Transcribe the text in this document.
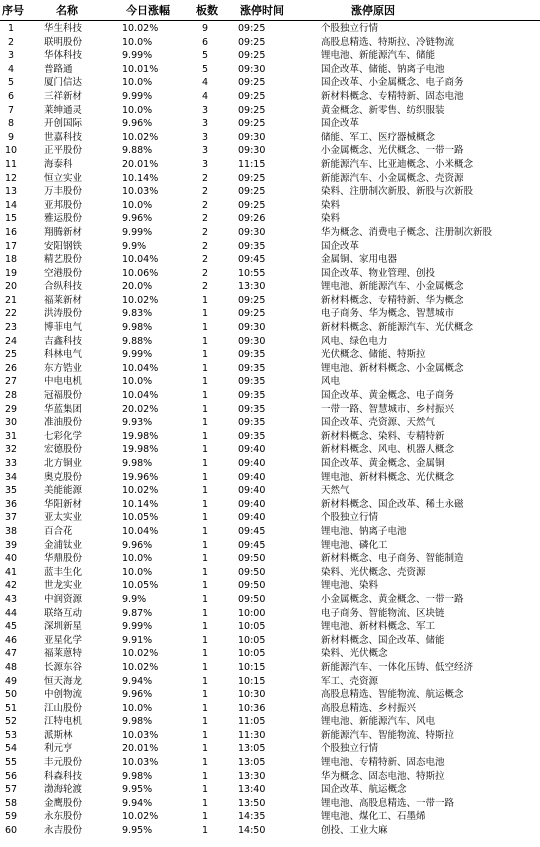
序号	名称	今日涨幅	板数	涨停时间	涨停原因
1	华生科技	10.02%	9	09:25	个股独立行情
2	联明股份	10.0%	6	09:25	高股息精选、特斯拉、冷链物流
3	华体科技	9.99%	5	09:25	锂电池、新能源汽车、储能
4	普路通	10.01%	5	09:30	国企改革、储能、钠离子电池
5	厦门信达	10.0%	4	09:25	国企改革、小金属概念、电子商务
6	三祥新材	9.99%	4	09:25	新材料概念、专精特新、固态电池
7	莱绅通灵	10.0%	3	09:25	黄金概念、新零售、纺织服装
8	开创国际	9.96%	3	09:25	国企改革
9	世嘉科技	10.02%	3	09:30	储能、军工、医疗器械概念
10	正平股份	9.88%	3	09:30	小金属概念、光伏概念、一带一路
11	海泰科	20.01%	3	11:15	新能源汽车、比亚迪概念、小米概念
12	恒立实业	10.14%	2	09:25	新能源汽车、小金属概念、壳资源
13	万丰股份	10.03%	2	09:25	染料、注册制次新股、新股与次新股
14	亚邦股份	10.0%	2	09:25	染料
15	雅运股份	9.96%	2	09:26	染料
16	翔腾新材	9.99%	2	09:30	华为概念、消费电子概念、注册制次新股
17	安阳钢铁	9.9%	2	09:35	国企改革
18	精艺股份	10.04%	2	09:45	金属铜、家用电器
19	空港股份	10.06%	2	10:55	国企改革、物业管理、创投
20	合纵科技	20.0%	2	13:30	锂电池、新能源汽车、小金属概念
21	福莱新材	10.02%	1	09:25	新材料概念、专精特新、华为概念
22	洪涛股份	9.83%	1	09:25	电子商务、华为概念、智慧城市
23	博菲电气	9.98%	1	09:30	新材料概念、新能源汽车、光伏概念
24	吉鑫科技	9.88%	1	09:30	风电、绿色电力
25	科林电气	9.99%	1	09:35	光伏概念、储能、特斯拉
26	东方锆业	10.04%	1	09:35	锂电池、新材料概念、小金属概念
27	中电电机	10.0%	1	09:35	风电
28	冠福股份	10.04%	1	09:35	国企改革、黄金概念、电子商务
29	华蓝集团	20.02%	1	09:35	一带一路、智慧城市、乡村振兴
30	准油股份	9.93%	1	09:35	国企改革、壳资源、天然气
31	七彩化学	19.98%	1	09:35	新材料概念、染料、专精特新
32	宏德股份	19.98%	1	09:40	新材料概念、风电、机器人概念
33	北方铜业	9.98%	1	09:40	国企改革、黄金概念、金属铜
34	奥克股份	19.96%	1	09:40	锂电池、新材料概念、光伏概念
35	美能能源	10.02%	1	09:40	天然气
36	华阳新材	10.14%	1	09:40	新材料概念、国企改革、稀土永磁
37	亚太实业	10.05%	1	09:40	个股独立行情
38	百合花	10.04%	1	09:45	锂电池、钠离子电池
39	金浦钛业	9.96%	1	09:45	锂电池、磷化工
40	华鼎股份	10.0%	1	09:50	新材料概念、电子商务、智能制造
41	蓝丰生化	10.0%	1	09:50	染料、光伏概念、壳资源
42	世龙实业	10.05%	1	09:50	锂电池、染料
43	中润资源	9.9%	1	09:50	小金属概念、黄金概念、一带一路
44	联络互动	9.87%	1	10:00	电子商务、智能物流、区块链
45	深圳新星	9.99%	1	10:05	锂电池、新材料概念、军工
46	亚星化学	9.91%	1	10:05	新材料概念、国企改革、储能
47	福莱蒽特	10.02%	1	10:05	染料、光伏概念
48	长源东谷	10.02%	1	10:15	新能源汽车、一体化压铸、低空经济
49	恒天海龙	9.94%	1	10:15	军工、壳资源
50	中创物流	9.96%	1	10:30	高股息精选、智能物流、航运概念
51	江山股份	10.0%	1	10:36	高股息精选、乡村振兴
52	江特电机	9.98%	1	11:05	锂电池、新能源汽车、风电
53	派斯林	10.03%	1	11:30	新能源汽车、智能物流、特斯拉
54	利元亨	20.01%	1	13:05	个股独立行情
55	丰元股份	10.03%	1	13:05	锂电池、专精特新、固态电池
56	科森科技	9.98%	1	13:30	华为概念、固态电池、特斯拉
57	渤海轮渡	9.95%	1	13:40	国企改革、航运概念
58	金鹰股份	9.94%	1	13:50	锂电池、高股息精选、一带一路
59	永东股份	10.02%	1	14:35	锂电池、煤化工、石墨烯
60	永吉股份	9.95%	1	14:50	创投、工业大麻
